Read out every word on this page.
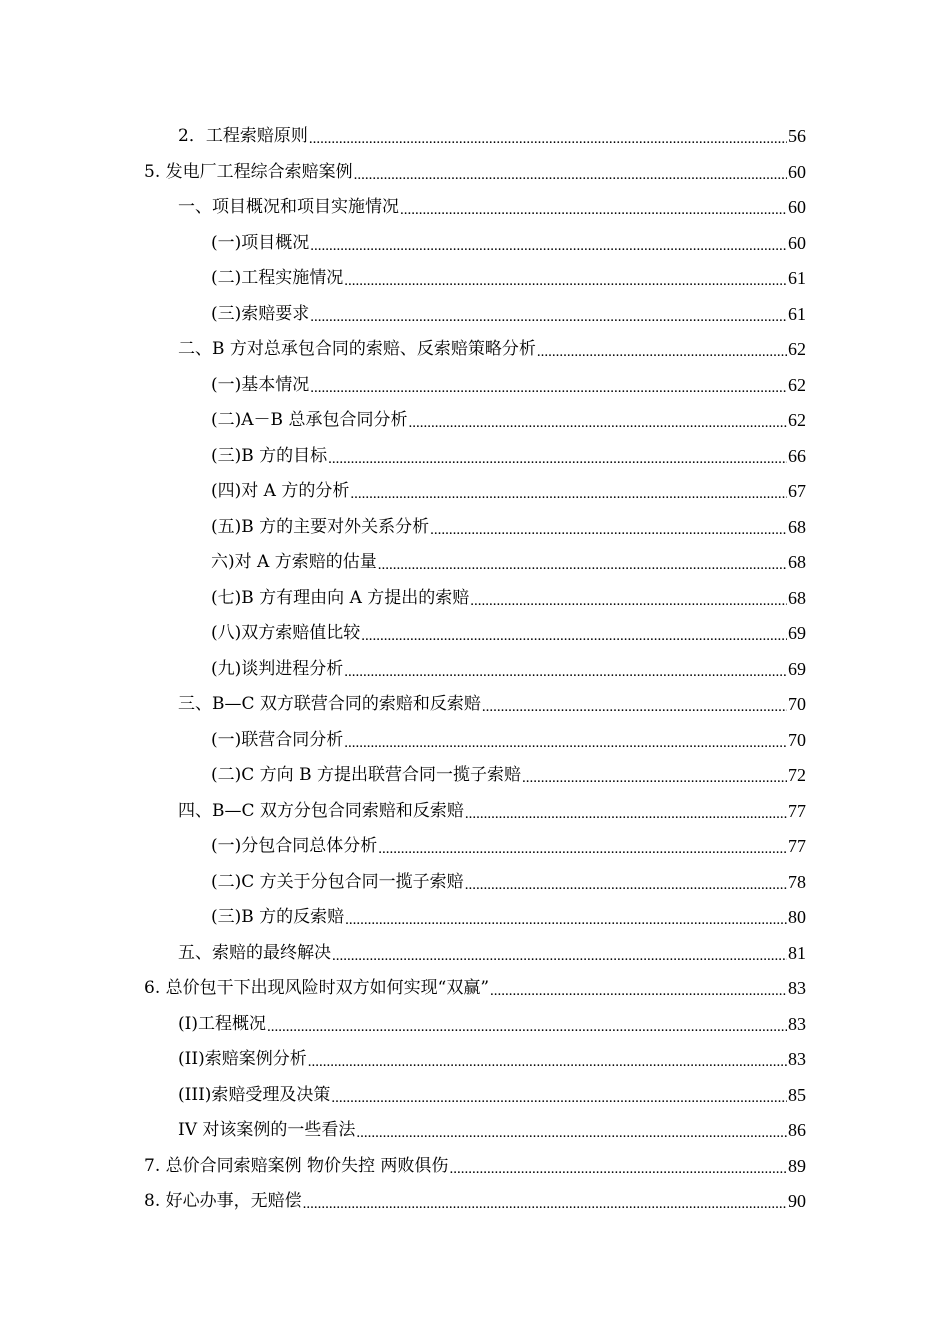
2．工程索赔原则 .....	56
5. 发电厂工程综合索赔案例 .....	60
一、项目概况和项目实施情况 .....	60
(一)项目概况 .....	60
(二)工程实施情况 .....	61
(三)索赔要求 .....	61
二、B 方对总承包合同的索赔、反索赔策略分析 .....	62
(一)基本情况 .....	62
(二)A－B 总承包合同分析 .....	62
(三)B 方的目标 .....	66
(四)对 A 方的分析 .....	67
(五)B 方的主要对外关系分析 .....	68
六)对 A 方索赔的估量 .....	68
(七)B 方有理由向 A 方提出的索赔 .....	68
(八)双方索赔值比较 .....	69
(九)谈判进程分析 .....	69
三、B—C 双方联营合同的索赔和反索赔 .....	70
(一)联营合同分析 .....	70
(二)C 方向 B 方提出联营合同一揽子索赔 .....	72
四、B—C 双方分包合同索赔和反索赔 .....	77
(一)分包合同总体分析 .....	77
(二)C 方关于分包合同一揽子索赔 .....	78
(三)B 方的反索赔 .....	80
五、索赔的最终解决 .....	81
6. 总价包干下出现风险时双方如何实现“双赢” .....	83
(I)工程概况 .....	83
(II)索赔案例分析 .....	83
(III)索赔受理及决策 .....	85
IV 对该案例的一些看法 .....	86
7. 总价合同索赔案例 物价失控 两败俱伤 .....	89
8. 好心办事，无赔偿 .....	90
